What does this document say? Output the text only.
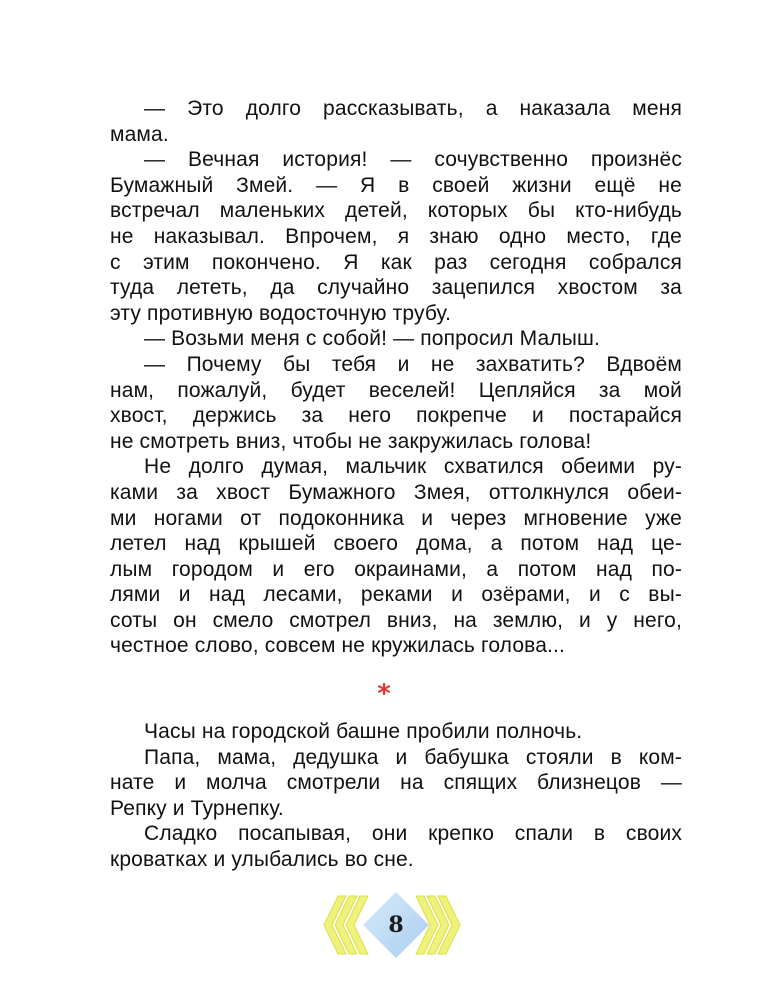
— Это долго рассказывать, а наказала меня
мама.
— Вечная история! — сочувственно произнёс
Бумажный Змей. — Я в своей жизни ещё не
встречал маленьких детей, которых бы кто-нибудь
не наказывал. Впрочем, я знаю одно место, где
с этим покончено. Я как раз сегодня собрался
туда лететь, да случайно зацепился хвостом за
эту противную водосточную трубу.
— Возьми меня с собой! — попросил Малыш.
— Почему бы тебя и не захватить? Вдвоём
нам, пожалуй, будет веселей! Цепляйся за мой
хвост, держись за него покрепче и постарайся
не смотреть вниз, чтобы не закружилась голова!
Не долго думая, мальчик схватился обеими ру-
ками за хвост Бумажного Змея, оттолкнулся обеи-
ми ногами от подоконника и через мгновение уже
летел над крышей своего дома, а потом над це-
лым городом и его окраинами, а потом над по-
лями и над лесами, реками и озёрами, и с вы-
соты он смело смотрел вниз, на землю, и у него,
честное слово, совсем не кружилась голова...
*
Часы на городской башне пробили полночь.
Папа, мама, дедушка и бабушка стояли в ком-
нате и молча смотрели на спящих близнецов —
Репку и Турнепку.
Сладко посапывая, они крепко спали в своих
кроватках и улыбались во сне.
8
